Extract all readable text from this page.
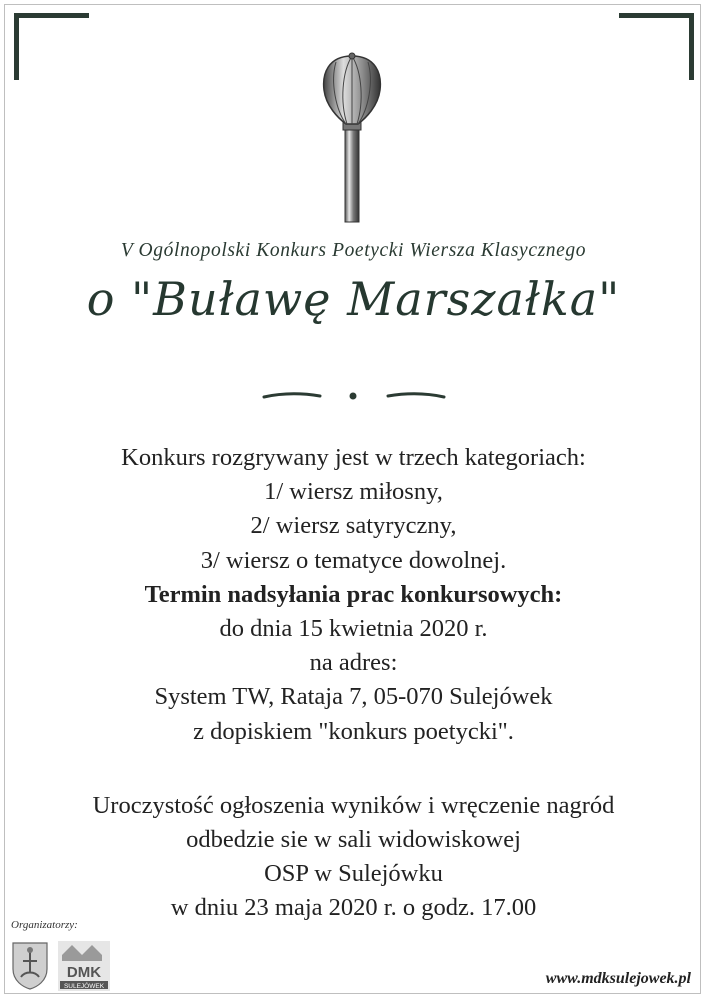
V Ogólnopolski Konkurs Poetycki Wiersza Klasycznego
o "Buławę Marszałka"
Konkurs rozgrywany jest w trzech kategoriach:
1/ wiersz miłosny,
2/ wiersz satyryczny,
3/ wiersz o tematyce dowolnej.
Termin nadsyłania prac konkursowych:
do dnia 15 kwietnia 2020 r.
na adres:
System TW, Rataja 7, 05-070 Sulejówek
z dopiskiem "konkurs poetycki".
Uroczystość ogłoszenia wyników i wręczenie nagród
odbedzie sie w sali widowiskowej
OSP w Sulejówku
w dniu 23 maja 2020 r. o godz. 17.00
Organizatorzy:
DMK
SULEJÓWEK	www.mdksulejowek.pl
